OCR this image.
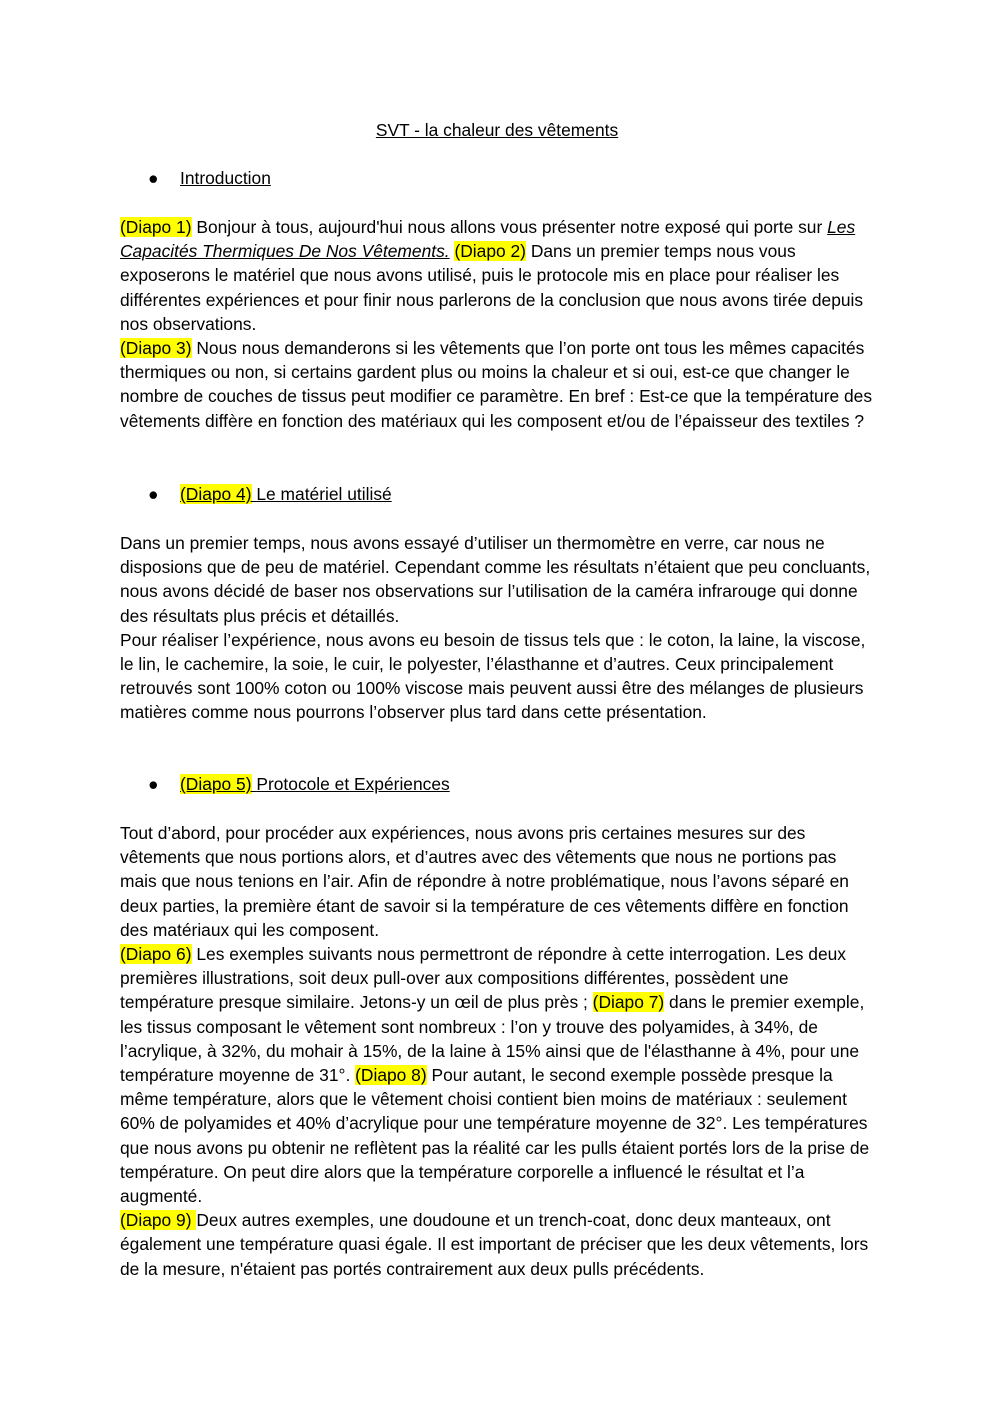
SVT - la chaleur des vêtements
● Introduction

(Diapo 1) Bonjour à tous, aujourd'hui nous allons vous présenter notre exposé qui porte sur Les Capacités Thermiques De Nos Vêtements. (Diapo 2) Dans un premier temps nous vous exposerons le matériel que nous avons utilisé, puis le protocole mis en place pour réaliser les différentes expériences et pour finir nous parlerons de la conclusion que nous avons tirée depuis nos observations.
(Diapo 3) Nous nous demanderons si les vêtements que l’on porte ont tous les mêmes capacités thermiques ou non, si certains gardent plus ou moins la chaleur et si oui, est-ce que changer le nombre de couches de tissus peut modifier ce paramètre. En bref : Est-ce que la température des vêtements diffère en fonction des matériaux qui les composent et/ou de l’épaisseur des textiles ?

● (Diapo 4) Le matériel utilisé

Dans un premier temps, nous avons essayé d’utiliser un thermomètre en verre, car nous ne disposions que de peu de matériel. Cependant comme les résultats n’étaient que peu concluants, nous avons décidé de baser nos observations sur l’utilisation de la caméra infrarouge qui donne des résultats plus précis et détaillés.
Pour réaliser l’expérience, nous avons eu besoin de tissus tels que : le coton, la laine, la viscose, le lin, le cachemire, la soie, le cuir, le polyester, l’élasthanne et d’autres. Ceux principalement retrouvés sont 100% coton ou 100% viscose mais peuvent aussi être des mélanges de plusieurs matières comme nous pourrons l’observer plus tard dans cette présentation.

● (Diapo 5) Protocole et Expériences

Tout d’abord, pour procéder aux expériences, nous avons pris certaines mesures sur des vêtements que nous portions alors, et d’autres avec des vêtements que nous ne portions pas mais que nous tenions en l’air. Afin de répondre à notre problématique, nous l’avons séparé en deux parties, la première étant de savoir si la température de ces vêtements diffère en fonction des matériaux qui les composent.
(Diapo 6) Les exemples suivants nous permettront de répondre à cette interrogation. Les deux premières illustrations, soit deux pull-over aux compositions différentes, possèdent une température presque similaire. Jetons-y un œil de plus près ; (Diapo 7) dans le premier exemple, les tissus composant le vêtement sont nombreux : l’on y trouve des polyamides, à 34%, de l’acrylique, à 32%, du mohair à 15%, de la laine à 15% ainsi que de l'élasthanne à 4%, pour une température moyenne de 31°. (Diapo 8) Pour autant, le second exemple possède presque la même température, alors que le vêtement choisi contient bien moins de matériaux : seulement 60% de polyamides et 40% d’acrylique pour une température moyenne de 32°. Les températures que nous avons pu obtenir ne reflètent pas la réalité car les pulls étaient portés lors de la prise de température. On peut dire alors que la température corporelle a influencé le résultat et l’a augmenté.
(Diapo 9) Deux autres exemples, une doudoune et un trench-coat, donc deux manteaux, ont également une température quasi égale. Il est important de préciser que les deux vêtements, lors de la mesure, n'étaient pas portés contrairement aux deux pulls précédents.
